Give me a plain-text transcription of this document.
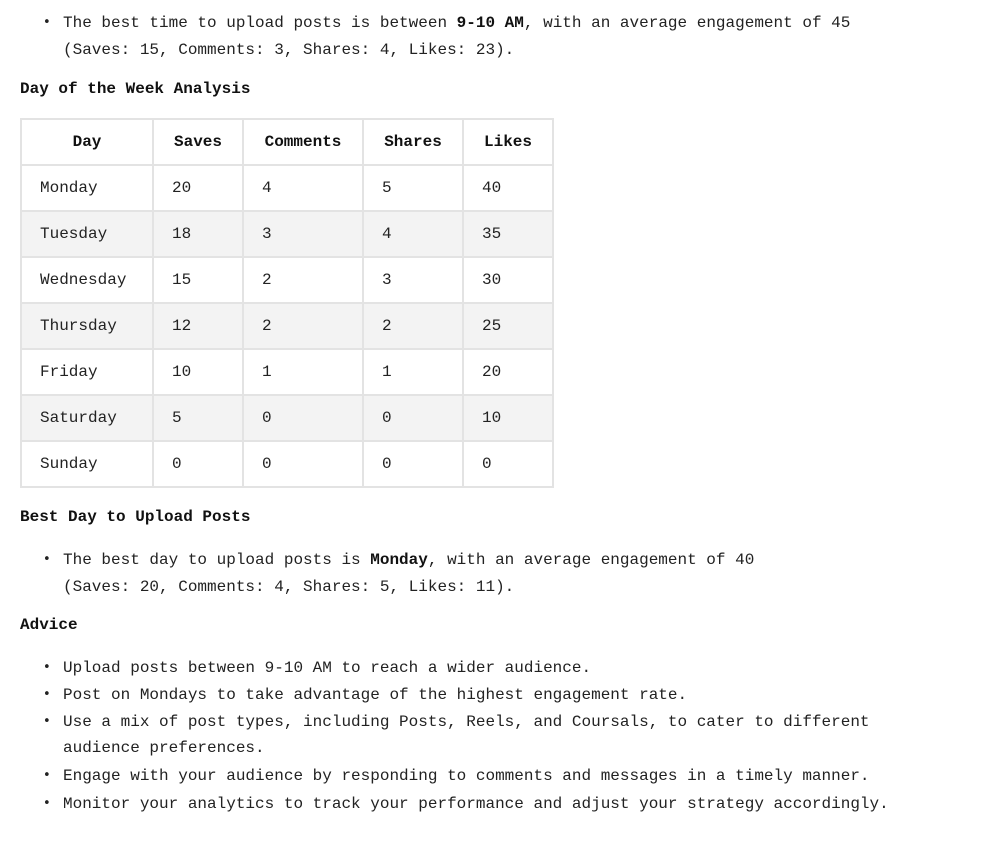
• The best time to upload posts is between 9-10 AM, with an average engagement of 45 (Saves: 15, Comments: 3, Shares: 4, Likes: 23).

Day of the Week Analysis

Day	Saves	Comments	Shares	Likes
Monday	20	4	5	40
Tuesday	18	3	4	35
Wednesday	15	2	3	30
Thursday	12	2	2	25
Friday	10	1	1	20
Saturday	5	0	0	10
Sunday	0	0	0	0

Best Day to Upload Posts

• The best day to upload posts is Monday, with an average engagement of 40 (Saves: 20, Comments: 4, Shares: 5, Likes: 11).

Advice

• Upload posts between 9-10 AM to reach a wider audience.
• Post on Mondays to take advantage of the highest engagement rate.
• Use a mix of post types, including Posts, Reels, and Coursals, to cater to different audience preferences.
• Engage with your audience by responding to comments and messages in a timely manner.
• Monitor your analytics to track your performance and adjust your strategy accordingly.
